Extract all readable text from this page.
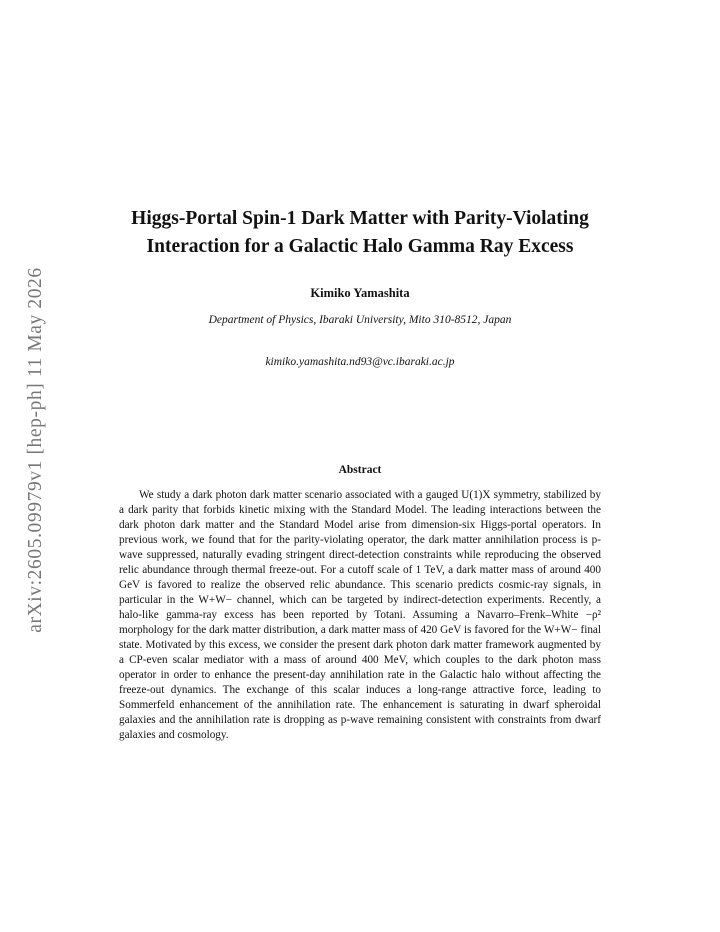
arXiv:2605.09979v1 [hep-ph] 11 May 2026
Higgs-Portal Spin-1 Dark Matter with Parity-Violating
Interaction for a Galactic Halo Gamma Ray Excess
Kimiko Yamashita
Department of Physics, Ibaraki University, Mito 310-8512, Japan
kimiko.yamashita.nd93@vc.ibaraki.ac.jp
Abstract

We study a dark photon dark matter scenario associated with a gauged U(1)X symmetry, stabilized by a dark parity that forbids kinetic mixing with the Standard Model. The leading interactions between the dark photon dark matter and the Standard Model arise from dimension-six Higgs-portal operators. In previous work, we found that for the parity-violating operator, the dark matter annihilation process is p-wave suppressed, naturally evading stringent direct-detection constraints while reproducing the observed relic abundance through thermal freeze-out. For a cutoff scale of 1 TeV, a dark matter mass of around 400 GeV is favored to realize the observed relic abundance. This scenario predicts cosmic-ray signals, in particular in the W+W− channel, which can be targeted by indirect-detection experiments. Recently, a halo-like gamma-ray excess has been reported by Totani. Assuming a Navarro–Frenk–White −ρ² morphology for the dark matter distribution, a dark matter mass of 420 GeV is favored for the W+W− final state. Motivated by this excess, we consider the present dark photon dark matter framework augmented by a CP-even scalar mediator with a mass of around 400 MeV, which couples to the dark photon mass operator in order to enhance the present-day annihilation rate in the Galactic halo without affecting the freeze-out dynamics. The exchange of this scalar induces a long-range attractive force, leading to Sommerfeld enhancement of the annihilation rate. The enhancement is saturating in dwarf spheroidal galaxies and the annihilation rate is dropping as p-wave remaining consistent with constraints from dwarf galaxies and cosmology.
